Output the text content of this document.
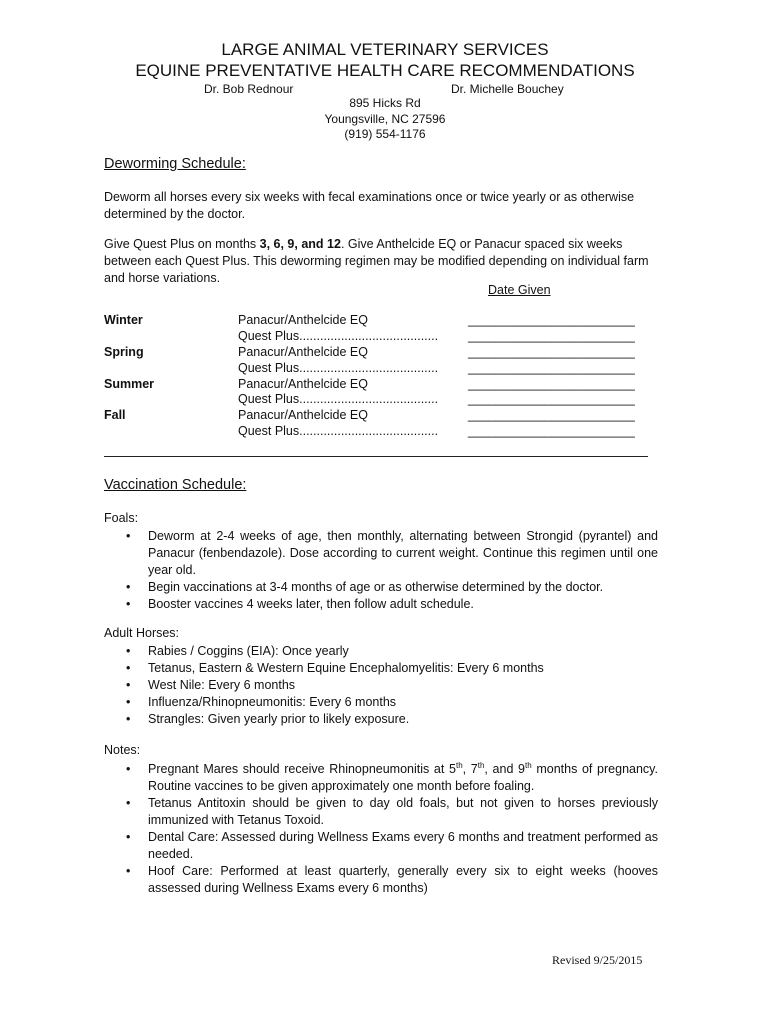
LARGE ANIMAL VETERINARY SERVICES
EQUINE PREVENTATIVE HEALTH CARE RECOMMENDATIONS
Dr. Bob Rednour	Dr. Michelle Bouchey
895 Hicks Rd
Youngsville, NC 27596
(919) 554-1176
Deworming Schedule:
Deworm all horses every six weeks with fecal examinations once or twice yearly or as otherwise determined by the doctor.
Give Quest Plus on months 3, 6, 9, and 12. Give Anthelcide EQ or Panacur spaced six weeks between each Quest Plus. This deworming regimen may be modified depending on individual farm and horse variations.
Date Given
Winter	Panacur/Anthelcide EQ	________________________
Quest Plus........................................ ________________________
Spring	Panacur/Anthelcide EQ	________________________
Quest Plus........................................ ________________________
Summer	Panacur/Anthelcide EQ	________________________
Quest Plus........................................ ________________________
Fall	Panacur/Anthelcide EQ	________________________
Quest Plus........................................ ________________________
Vaccination Schedule:
Foals:
• Deworm at 2-4 weeks of age, then monthly, alternating between Strongid (pyrantel) and Panacur (fenbendazole). Dose according to current weight. Continue this regimen until one year old.
• Begin vaccinations at 3-4 months of age or as otherwise determined by the doctor.
• Booster vaccines 4 weeks later, then follow adult schedule.
Adult Horses:
• Rabies / Coggins (EIA): Once yearly
• Tetanus, Eastern & Western Equine Encephalomyelitis: Every 6 months
• West Nile: Every 6 months
• Influenza/Rhinopneumonitis: Every 6 months
• Strangles: Given yearly prior to likely exposure.
Notes:
• Pregnant Mares should receive Rhinopneumonitis at 5th, 7th, and 9th months of pregnancy. Routine vaccines to be given approximately one month before foaling.
• Tetanus Antitoxin should be given to day old foals, but not given to horses previously immunized with Tetanus Toxoid.
• Dental Care: Assessed during Wellness Exams every 6 months and treatment performed as needed.
• Hoof Care: Performed at least quarterly, generally every six to eight weeks (hooves assessed during Wellness Exams every 6 months)
Revised 9/25/2015
